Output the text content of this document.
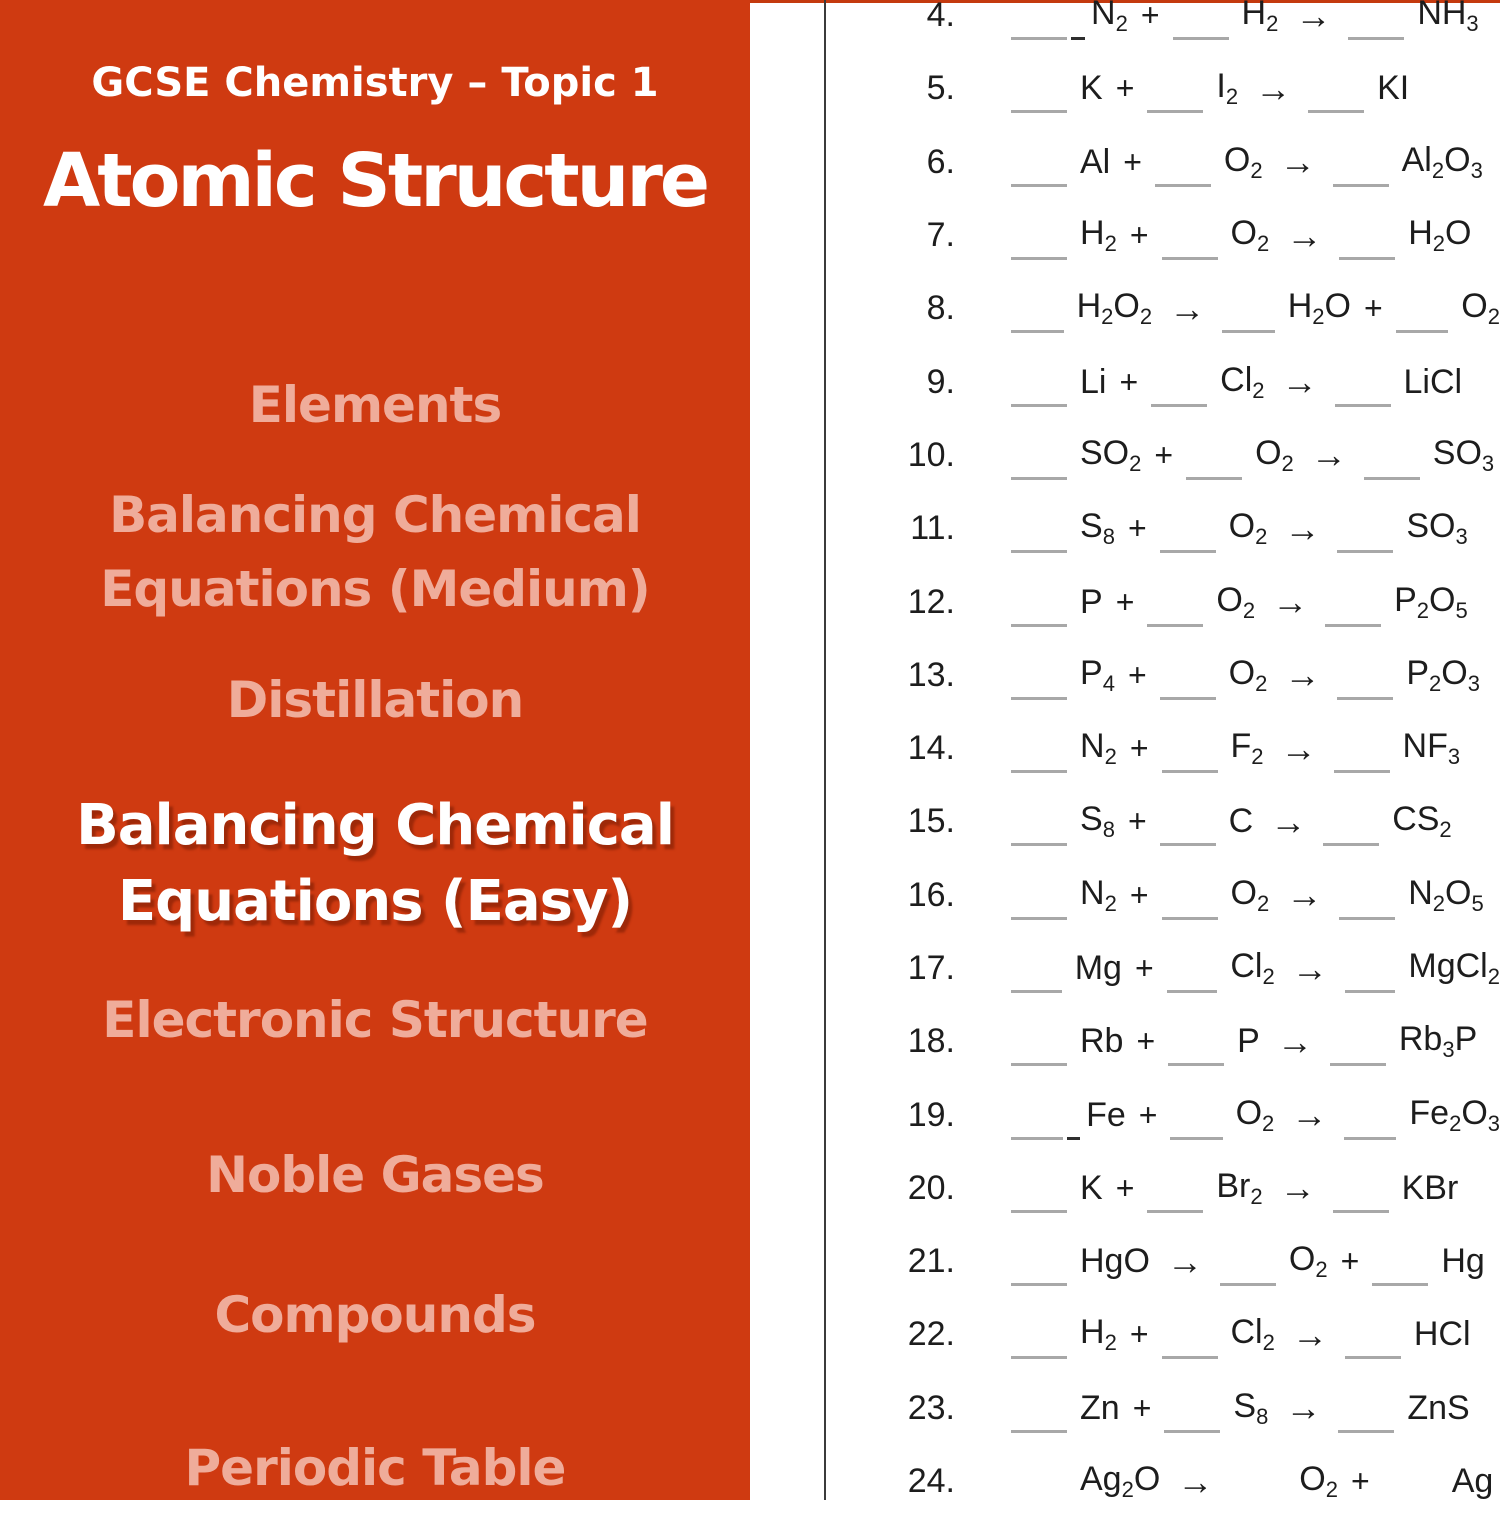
GCSE Chemistry – Topic 1
Atomic Structure
Elements
Balancing Chemical Equations (Medium)
Distillation
Balancing Chemical Equations (Easy)
Electronic Structure
Noble Gases
Compounds
Periodic Table
4.	$N_2 + H_2$ →	$NH_3$
5.	$K + I_2$ →	KI
6.	$Al + O_2$ →	$Al_2O_3$
7.	$H_2 + O_2$ →	$H_2O$
8.	$H_2O_2 \to H_2O + O_2$
9.	$Li + Cl_2$ →	LiCl
10.	$SO_2 + O_2$ →	$SO_3$
11.	$S_8 + O_2$ →	$SO_3$
12.	$P + O_2$ →	$P_2O_5$
13.	$P_4 + O_2$ →	$P_2O_3$
14.	$N_2 + F_2$ →	$NF_3$
15.	$S_8 + C$ →	$CS_2$
16.	$N_2 + O_2$ →	$N_2O_5$
17.	$Mg + Cl_2$ → MgCl$_2$
18.	Rb + P →	$Rb_3P$
19.	$Fe + O_2 \to Fe_2O_3$
20.	$K + Br_2$ →	KBr
21.	HgO →	$O_2 + Hg$
22.	$H_2 + Cl_2$ →	HCl
23.	$Zn + S_8$ →	ZnS
24.	$Ag_2O$ →	$O_2 + Ag$
